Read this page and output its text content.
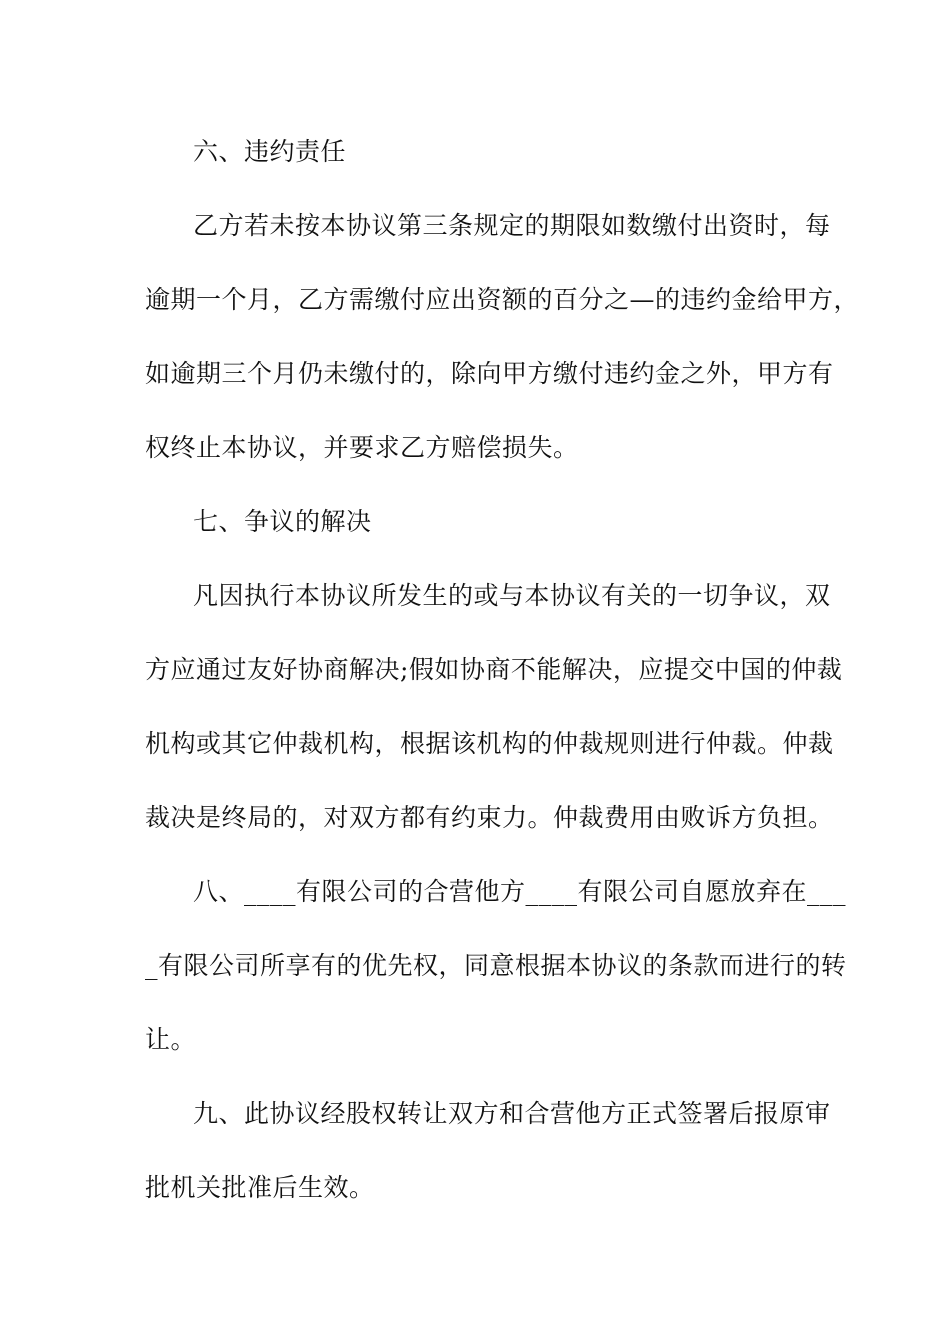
六、违约责任
乙方若未按本协议第三条规定的期限如数缴付出资时，每
逾期一个月，乙方需缴付应出资额的百分之—的违约金给甲方，
如逾期三个月仍未缴付的，除向甲方缴付违约金之外，甲方有
权终止本协议，并要求乙方赔偿损失。
七、争议的解决
凡因执行本协议所发生的或与本协议有关的一切争议，双
方应通过友好协商解决;假如协商不能解决，应提交中国的仲裁
机构或其它仲裁机构，根据该机构的仲裁规则进行仲裁。仲裁
裁决是终局的，对双方都有约束力。仲裁费用由败诉方负担。
八、____有限公司的合营他方____有限公司自愿放弃在___
_有限公司所享有的优先权，同意根据本协议的条款而进行的转
让。
九、此协议经股权转让双方和合营他方正式签署后报原审
批机关批准后生效。
